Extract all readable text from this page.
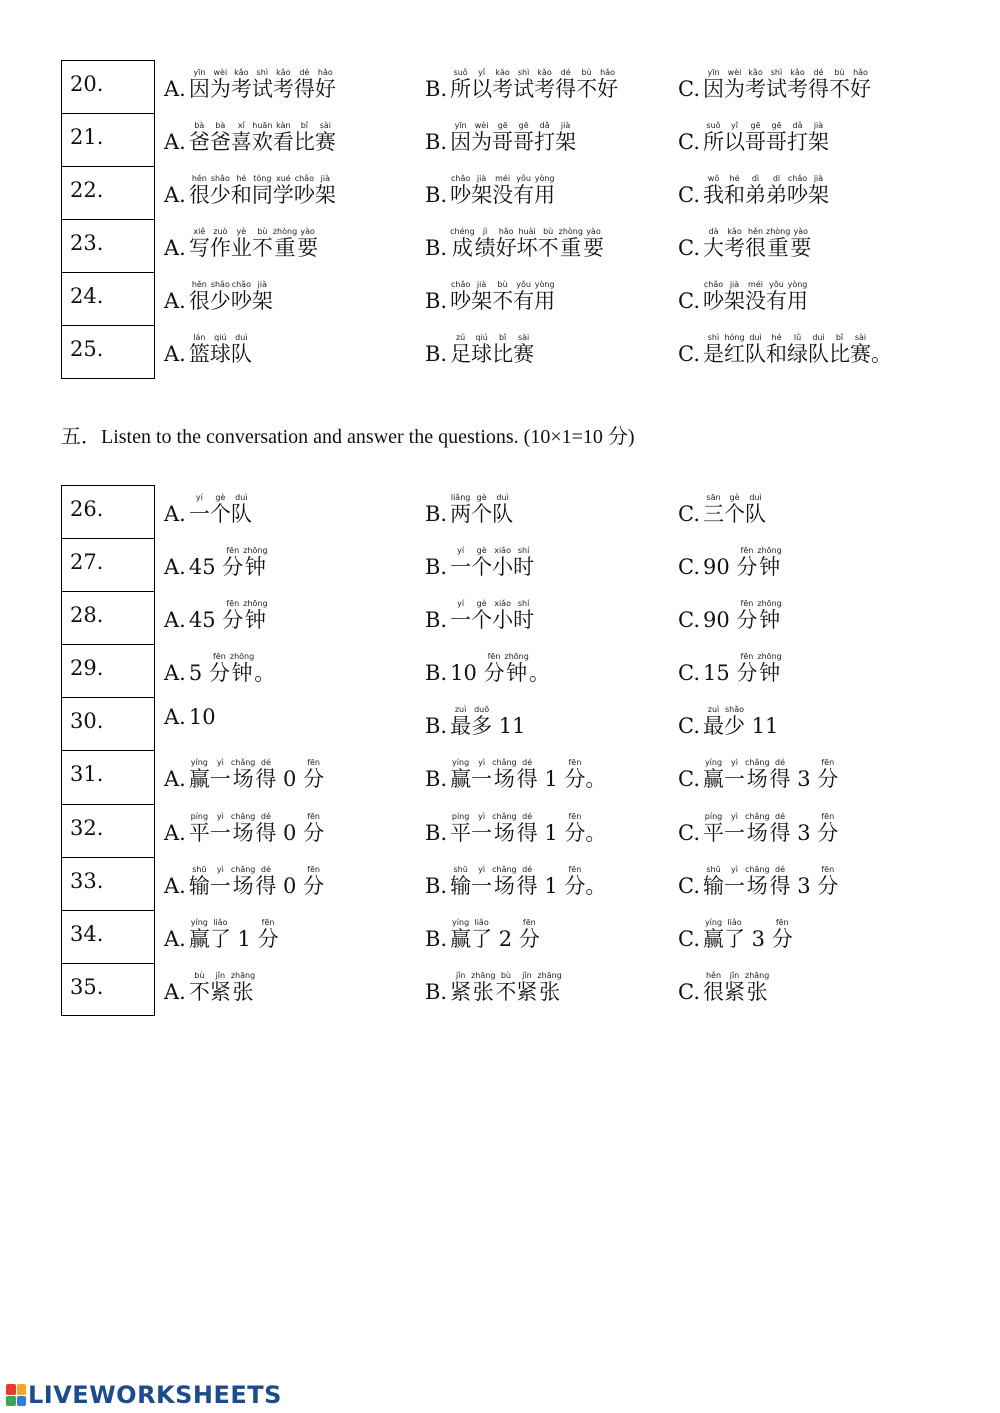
20.	A. 因yīn为wèi考kǎo试shì考kǎo得dé好hǎo
B. 所suǒ以yǐ考kǎo试shì考kǎo得dé不bù好hǎo
C. 因yīn为wèi考kǎo试shì考kǎo得dé不bù好hǎo
21.	A. 爸bà爸bà喜xǐ欢huān看kàn比bǐ赛sài
B. 因yīn为wèi哥gē哥gē打dǎ架jià
C. 所suǒ以yǐ哥gē哥gē打dǎ架jià
22.	A. 很hěn少shǎo和hé同tóng学xué吵chǎo架jià
B. 吵chǎo架jià没méi有yǒu用yòng
C. 我wǒ和hé弟dì弟di吵chǎo架jià
23.	A. 写xiě作zuò业yè不bù重zhòng要yào
B. 成chéng绩jì好hǎo坏huài不bù重zhòng要yào
C. 大dà考kǎo很hěn重zhòng要yào
24.	A. 很hěn少shǎo吵chǎo架jià
B. 吵chǎo架jià不bù有yǒu用yòng
C. 吵chǎo架jià没méi有yǒu用yòng
25.	A. 篮lán球qiú队duì
B. 足zú球qiú比bǐ赛sài
C. 是shì红hóng队duì和hé绿lǜ队duì比bǐ赛sài。
五．Listen to the conversation and answer the questions. (10×1=10 分)
26.	A. 一yí个gè队duì
B. 两liǎng个gè队duì
C. 三sān个gè队duì
27.	A. 45 分fēn钟zhōng
B. 一yí个gè小xiǎo时shí
C. 90 分fēn钟zhōng
28.	A. 45 分fēn钟zhōng
B. 一yí个gè小xiǎo时shí
C. 90 分fēn钟zhōng
29.	A. 5 分fēn钟zhōng。	B. 10 分fēn钟zhōng。	C. 15 分fēn钟zhōng
30.	A. 10	B. 最zuì多duō 11	C. 最zuì少shǎo 11
31.	A. 赢yíng一yì场chǎng得dé 0 分fēn
B. 赢yíng一yì场chǎng得dé 1 分fēn。	C. 赢yíng一yì场chǎng得dé 3 分fēn
32.	A. 平píng一yì场chǎng得dé 0 分fēn
B. 平píng一yì场chǎng得dé 1 分fēn。	C. 平píng一yì场chǎng得dé 3 分fēn
33.	A. 输shū一yì场chǎng得dé 0 分fēn
B. 输shū一yì场chǎng得dé 1 分fēn。	C. 输shū一yì场chǎng得dé 3 分fēn
34.	A. 赢yíng了liǎo 1 分fēn
B. 赢yíng了liǎo 2 分fēn
C. 赢yíng了liǎo 3 分fēn
35.	A. 不bù紧jǐn张zhāng
B. 紧jǐn张zhāng不bù紧jǐn张zhāng
C. 很hěn紧jǐn张zhāng
LIVEWORKSHEETS
